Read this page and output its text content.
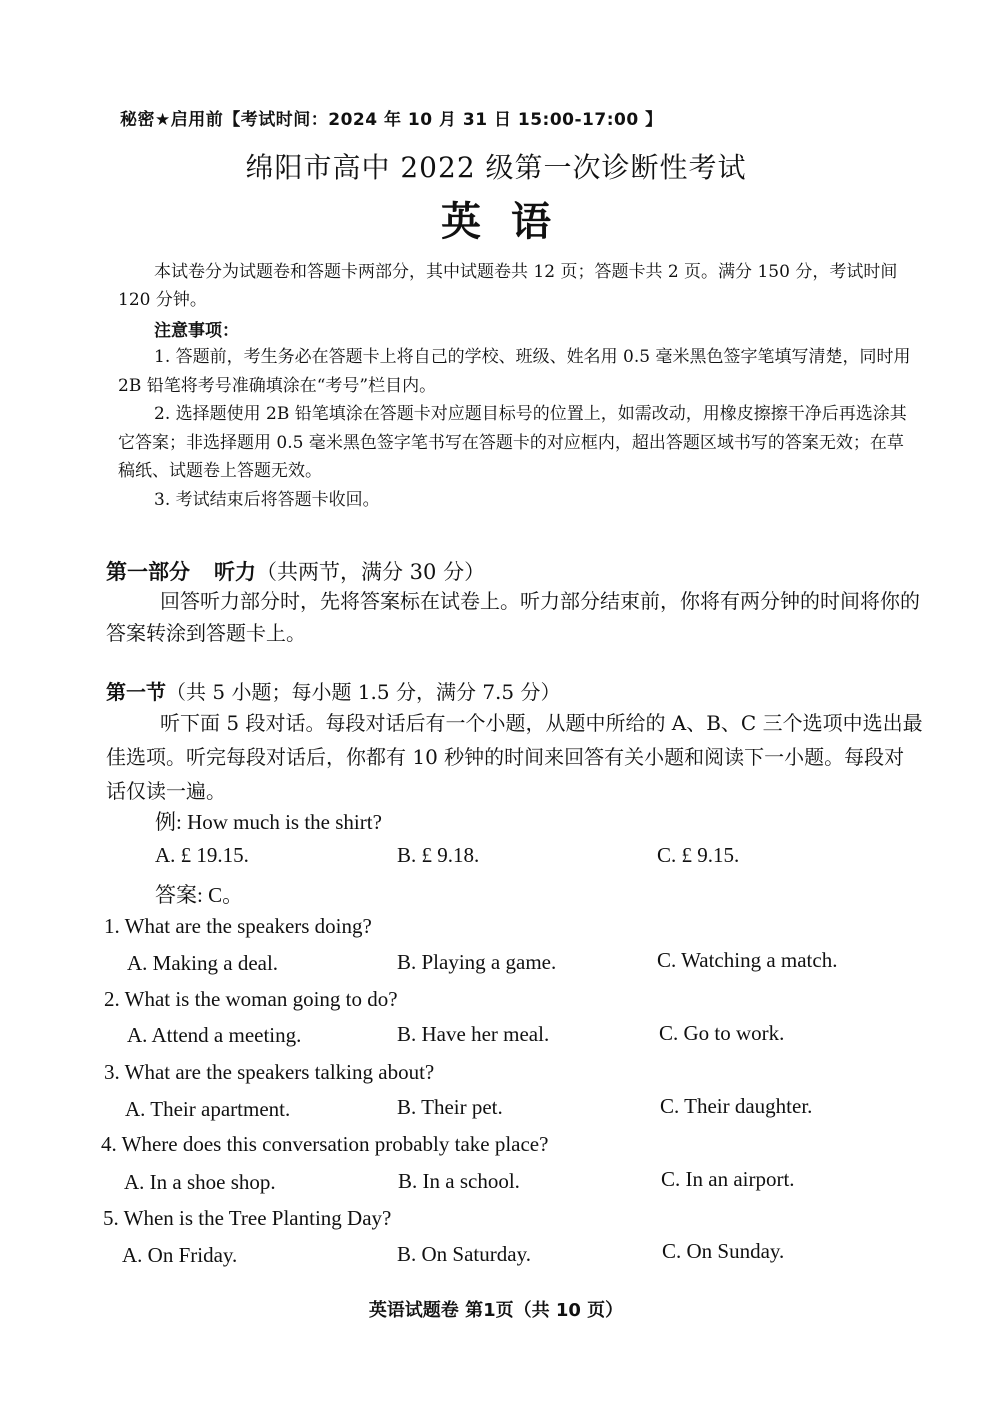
秘密★启用前【考试时间：2024 年 10 月 31 日 15:00-17:00 】
绵阳市高中 2022 级第一次诊断性考试
英语

本试卷分为试题卷和答题卡两部分，其中试题卷共 12 页；答题卡共 2 页。满分 150 分，考试时间 120 分钟。

注意事项：

1. 答题前，考生务必在答题卡上将自己的学校、班级、姓名用 0.5 毫米黑色签字笔填写清楚，同时用 2B 铅笔将考号准确填涂在“考号”栏目内。

2. 选择题使用 2B 铅笔填涂在答题卡对应题目标号的位置上，如需改动，用橡皮擦擦干净后再选涂其它答案；非选择题用 0.5 毫米黑色签字笔书写在答题卡的对应框内，超出答题区域书写的答案无效；在草稿纸、试题卷上答题无效。

3. 考试结束后将答题卡收回。

第一部分 听力（共两节，满分 30 分）

回答听力部分时，先将答案标在试卷上。听力部分结束前，你将有两分钟的时间将你的答案转涂到答题卡上。

第一节（共 5 小题；每小题 1.5 分，满分 7.5 分）

听下面 5 段对话。每段对话后有一个小题，从题中所给的 A、B、C 三个选项中选出最佳选项。听完每段对话后，你都有 10 秒钟的时间来回答有关小题和阅读下一小题。每段对话仅读一遍。

例: How much is the shirt?
A. £ 19.15.	B. £ 9.18.	C. £ 9.15.
答案: C。
1. What are the speakers doing?
A. Making a deal.	B. Playing a game.	C. Watching a match.
2. What is the woman going to do?
A. Attend a meeting.	B. Have her meal.	C. Go to work.
3. What are the speakers talking about?
A. Their apartment.	B. Their pet.	C. Their daughter.
4. Where does this conversation probably take place?
A. In a shoe shop.	B. In a school.	C. In an airport.
5. When is the Tree Planting Day?
A. On Friday.	B. On Saturday.	C. On Sunday.
英语试题卷 第1页（共 10 页）
